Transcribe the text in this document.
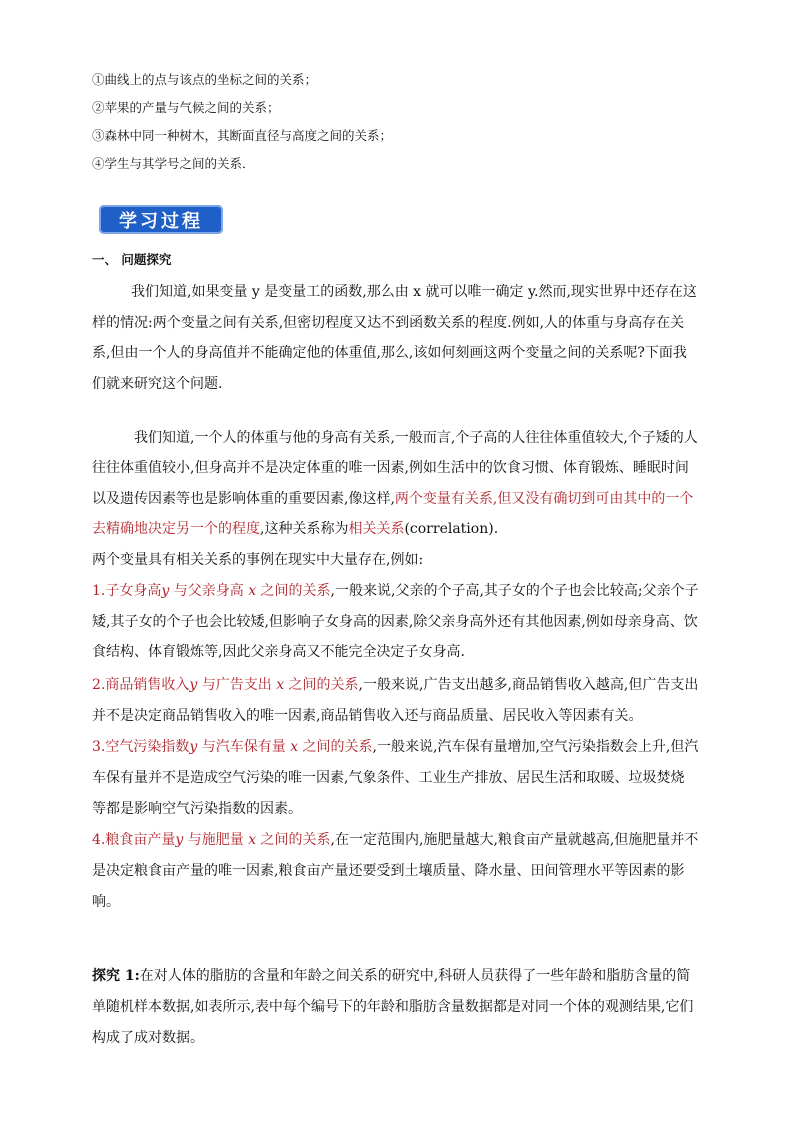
①曲线上的点与该点的坐标之间的关系；
②苹果的产量与气候之间的关系；
③森林中同一种树木，其断面直径与高度之间的关系；
④学生与其学号之间的关系．
学习过程
一、 问题探究
我们知道,如果变量 y 是变量工的函数,那么由 x 就可以唯一确定 y.然而,现实世界中还存在这
样的情况:两个变量之间有关系,但密切程度又达不到函数关系的程度.例如,人的体重与身高存在关
系,但由一个人的身高值并不能确定他的体重值,那么,该如何刻画这两个变量之间的关系呢?下面我
们就来研究这个问题.
我们知道,一个人的体重与他的身高有关系,一般而言,个子高的人往往体重值较大,个子矮的人
往往体重值较小,但身高并不是决定体重的唯一因素,例如生活中的饮食习惯、体育锻炼、睡眠时间
以及遗传因素等也是影响体重的重要因素,像这样,两个变量有关系,但又没有确切到可由其中的一个
去精确地决定另一个的程度,这种关系称为相关关系(correlation).
两个变量具有相关关系的事例在现实中大量存在,例如:
1.子女身高y 与父亲身高 x 之间的关系,一般来说,父亲的个子高,其子女的个子也会比较高;父亲个子
矮,其子女的个子也会比较矮,但影响子女身高的因素,除父亲身高外还有其他因素,例如母亲身高、饮
食结构、体育锻炼等,因此父亲身高又不能完全决定子女身高.
2.商品销售收入y 与广告支出 x 之间的关系,一般来说,广告支出越多,商品销售收入越高,但广告支出
并不是决定商品销售收入的唯一因素,商品销售收入还与商品质量、居民收入等因素有关。
3.空气污染指数y 与汽车保有量 x 之间的关系,一般来说,汽车保有量增加,空气污染指数会上升,但汽
车保有量并不是造成空气污染的唯一因素,气象条件、工业生产排放、居民生活和取暖、垃圾焚烧
等都是影响空气污染指数的因素。
4.粮食亩产量y 与施肥量 x 之间的关系,在一定范围内,施肥量越大,粮食亩产量就越高,但施肥量并不
是决定粮食亩产量的唯一因素,粮食亩产量还要受到土壤质量、降水量、田间管理水平等因素的影
响。
探究 1:在对人体的脂肪的含量和年龄之间关系的研究中,科研人员获得了一些年龄和脂肪含量的简
单随机样本数据,如表所示,表中每个编号下的年龄和脂肪含量数据都是对同一个体的观测结果,它们
构成了成对数据。
